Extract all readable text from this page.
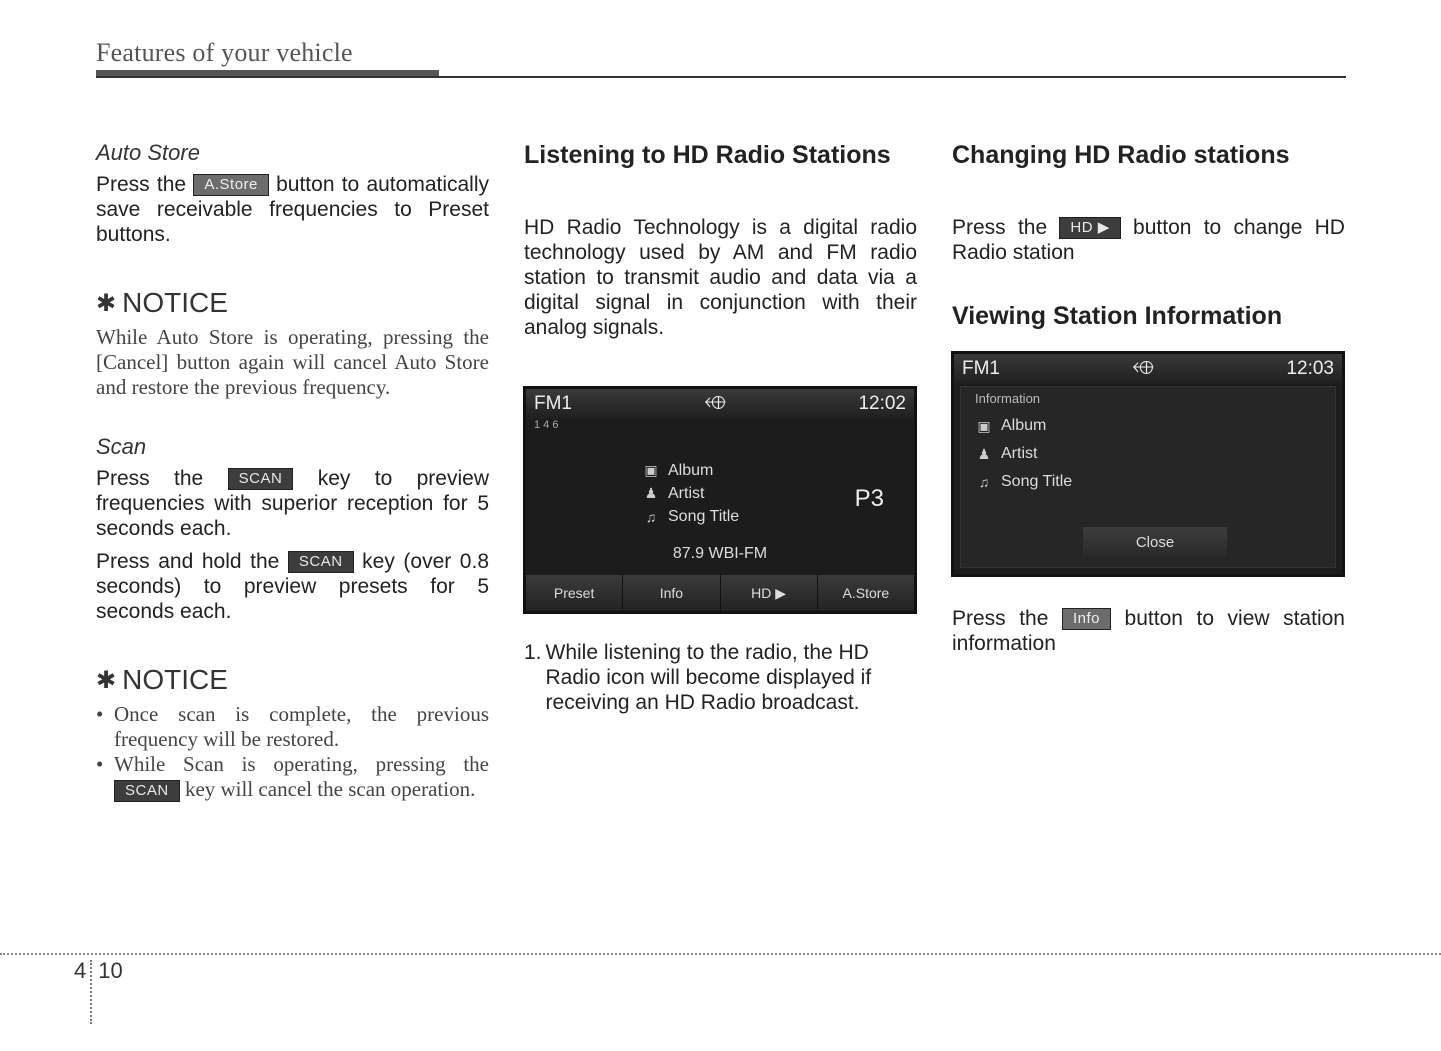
Features of your vehicle

Auto Store

Press the A.Store button to automatically save receivable frequencies to Preset buttons.

✱ NOTICE

While Auto Store is operating, pressing the [Cancel] button again will cancel Auto Store and restore the previous frequency.

Scan

Press the SCAN key to preview frequencies with superior reception for 5 seconds each.

Press and hold the SCAN key (over 0.8 seconds) to preview presets for 5 seconds each.

✱ NOTICE

• Once scan is complete, the previous frequency will be restored.
• While Scan is operating, pressing the SCAN key will cancel the scan operation.

Listening to HD Radio Stations

HD Radio Technology is a digital radio technology used by AM and FM radio station to transmit audio and data via a digital signal in conjunction with their analog signals.

FM1	⬲	12:02
1 4 6
▣ Album
♟ Artist
♫ Song Title
P3
87.9 WBI-FM
Preset	Info	HD ▶	A.Store
1. While listening to the radio, the HD Radio icon will become displayed if receiving an HD Radio broadcast.

Changing HD Radio stations

Press the HD ▶ button to change HD Radio station

Viewing Station Information

FM1	⬲	12:03
Information
▣ Album
♟ Artist
♫ Song Title
Close

Press the Info button to view station information

4 10
